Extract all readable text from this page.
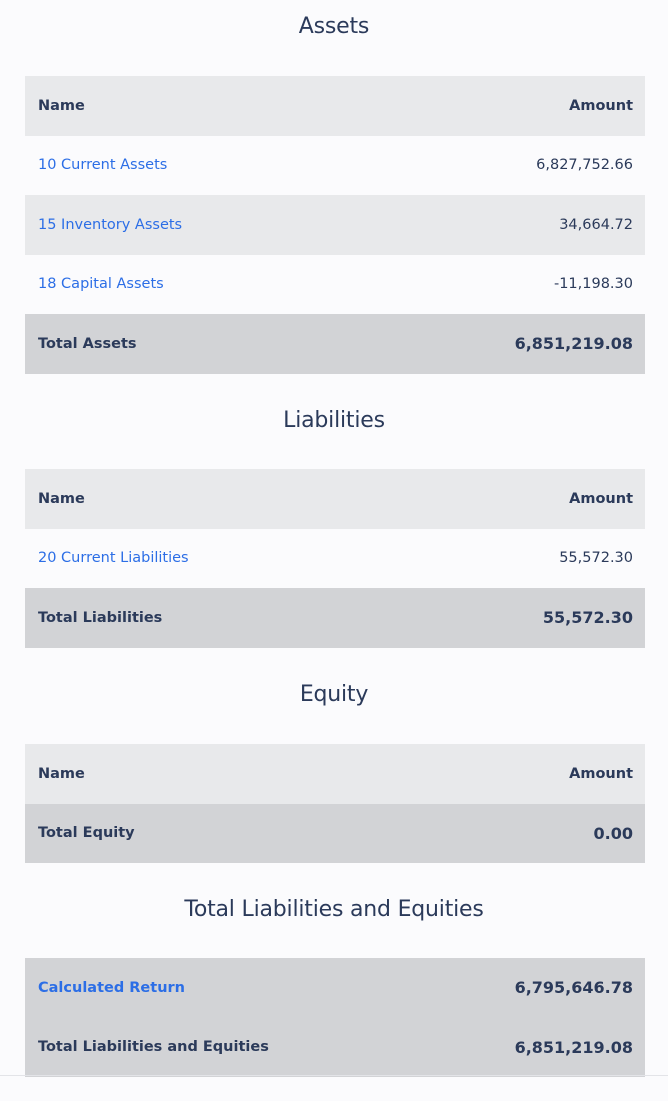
Assets
Name	Amount
10 Current Assets	6,827,752.66
15 Inventory Assets	34,664.72
18 Capital Assets	-11,198.30
Total Assets	6,851,219.08
Liabilities
Name	Amount
20 Current Liabilities	55,572.30
Total Liabilities	55,572.30
Equity
Name	Amount
Total Equity	0.00
Total Liabilities and Equities
Calculated Return	6,795,646.78
Total Liabilities and Equities	6,851,219.08
